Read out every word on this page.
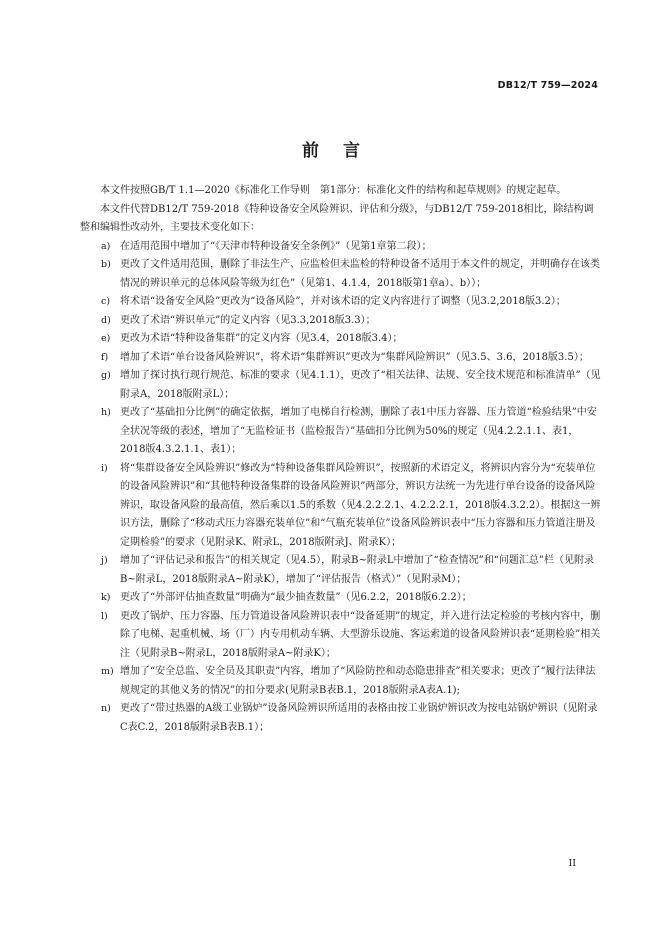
DB12/T 759—2024
前言

本文件按照GB/T 1.1—2020《标准化工作导则　第1部分：标准化文件的结构和起草规则》的规定起草。

本文件代替DB12/T 759-2018《特种设备安全风险辨识、评估和分级》，与DB12/T 759-2018相比，除结构调整和编辑性改动外，主要技术变化如下：

a) 在适用范围中增加了“《天津市特种设备安全条例》”（见第1章第二段）；
b) 更改了文件适用范围，删除了非法生产、应监检但未监检的特种设备不适用于本文件的规定，并明确存在该类情况的辨识单元的总体风险等级为红色”（见第1、4.1.4，2018版第1章a）、b））；
c) 将术语“设备安全风险”更改为“设备风险”，并对该术语的定义内容进行了调整（见3.2,2018版3.2）；
d) 更改了术语“辨识单元”的定义内容（见3.3,2018版3.3）；
e) 更改为术语“特种设备集群”的定义内容（见3.4，2018版3.4）；
f) 增加了术语“单台设备风险辨识”，将术语“集群辨识”更改为“集群风险辨识”（见3.5、3.6，2018版3.5）；
g) 增加了探讨执行现行规范、标准的要求（见4.1.1），更改了“相关法律、法规、安全技术规范和标准清单”（见附录A，2018版附录L）；
h) 更改了“基础扣分比例”的确定依据，增加了电梯自行检测，删除了表1中压力容器、压力管道“检验结果”中安全状况等级的表述，增加了“无监检证书（监检报告）”基础扣分比例为50%的规定（见4.2.2.1.1、表1，2018版4.3.2.1.1、表1）；
i) 将“集群设备安全风险辨识”修改为“特种设备集群风险辨识”，按照新的术语定义，将辨识内容分为“充装单位的设备风险辨识”和“其他特种设备集群的设备风险辨识”两部分，辨识方法统一为先进行单台设备的设备风险辨识，取设备风险的最高值，然后乘以1.5的系数（见4.2.2.2.1、4.2.2.2.1，2018版4.3.2.2）。根据这一辨识方法，删除了“移动式压力容器充装单位”和“气瓶充装单位”设备风险辨识表中“压力容器和压力管道注册及定期检验”的要求（见附录K、附录L，2018版附录J、附录K）；
j) 增加了“评估记录和报告”的相关规定（见4.5），附录B~附录L中增加了“检查情况”和“问题汇总”栏（见附录B~附录L，2018版附录A~附录K），增加了“评估报告（格式）”（见附录M）；
k) 更改了“外部评估抽查数量”明确为“最少抽查数量”（见6.2.2，2018版6.2.2）；
l) 更改了锅炉、压力容器、压力管道设备风险辨识表中“设备延期”的规定，并入进行法定检验的考核内容中，删除了电梯、起重机械、场（厂）内专用机动车辆、大型游乐设施、客运索道的设备风险辨识表“延期检验”相关注（见附录B~附录L，2018版附录A~附录K）；
m) 增加了“安全总监、安全员及其职责”内容，增加了“风险防控和动态隐患排查”相关要求；更改了“履行法律法规规定的其他义务的情况”的扣分要求(见附录B表B.1，2018版附录A表A.1);
n) 更改了“带过热器的A级工业锅炉”设备风险辨识所适用的表格由按工业锅炉辨识改为按电站锅炉辨识（见附录C表C.2，2018版附录B表B.1）；
II
